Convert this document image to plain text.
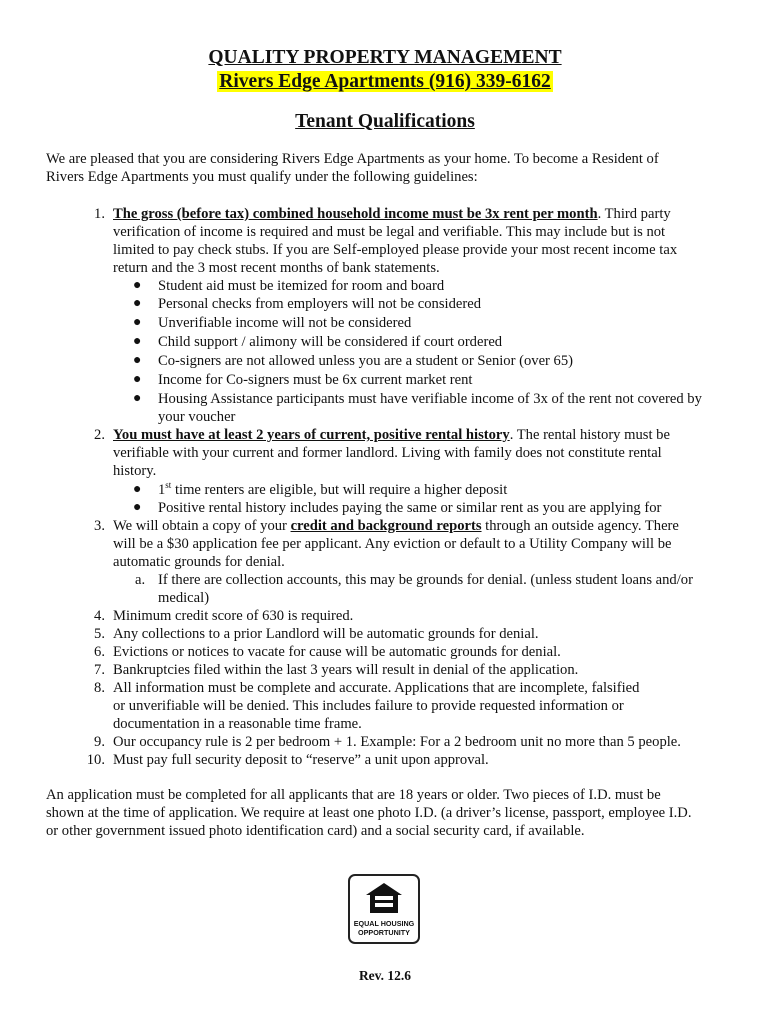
QUALITY PROPERTY MANAGEMENT
Rivers Edge Apartments (916) 339-6162
Tenant Qualifications
We are pleased that you are considering Rivers Edge Apartments as your home. To become a Resident of
Rivers Edge Apartments you must qualify under the following guidelines:
1. The gross (before tax) combined household income must be 3x rent per month. Third party
verification of income is required and must be legal and verifiable. This may include but is not
limited to pay check stubs. If you are Self-employed please provide your most recent income tax
return and the 3 most recent months of bank statements.
● Student aid must be itemized for room and board
● Personal checks from employers will not be considered
● Unverifiable income will not be considered
● Child support / alimony will be considered if court ordered
● Co-signers are not allowed unless you are a student or Senior (over 65)
● Income for Co-signers must be 6x current market rent
● Housing Assistance participants must have verifiable income of 3x of the rent not covered by
your voucher
2. You must have at least 2 years of current, positive rental history. The rental history must be
verifiable with your current and former landlord. Living with family does not constitute rental
history.
● 1st time renters are eligible, but will require a higher deposit
● Positive rental history includes paying the same or similar rent as you are applying for
3. We will obtain a copy of your credit and background reports through an outside agency. There
will be a $30 application fee per applicant. Any eviction or default to a Utility Company will be
automatic grounds for denial.
a. If there are collection accounts, this may be grounds for denial. (unless student loans and/or
medical)
4. Minimum credit score of 630 is required.
5. Any collections to a prior Landlord will be automatic grounds for denial.
6. Evictions or notices to vacate for cause will be automatic grounds for denial.
7. Bankruptcies filed within the last 3 years will result in denial of the application.
8. All information must be complete and accurate. Applications that are incomplete, falsified
or unverifiable will be denied. This includes failure to provide requested information or
documentation in a reasonable time frame.
9. Our occupancy rule is 2 per bedroom + 1. Example: For a 2 bedroom unit no more than 5 people.
10. Must pay full security deposit to “reserve” a unit upon approval.
An application must be completed for all applicants that are 18 years or older. Two pieces of I.D. must be
shown at the time of application. We require at least one photo I.D. (a driver’s license, passport, employee I.D.
or other government issued photo identification card) and a social security card, if available.
EQUAL HOUSING
OPPORTUNITY
Rev. 12.6
